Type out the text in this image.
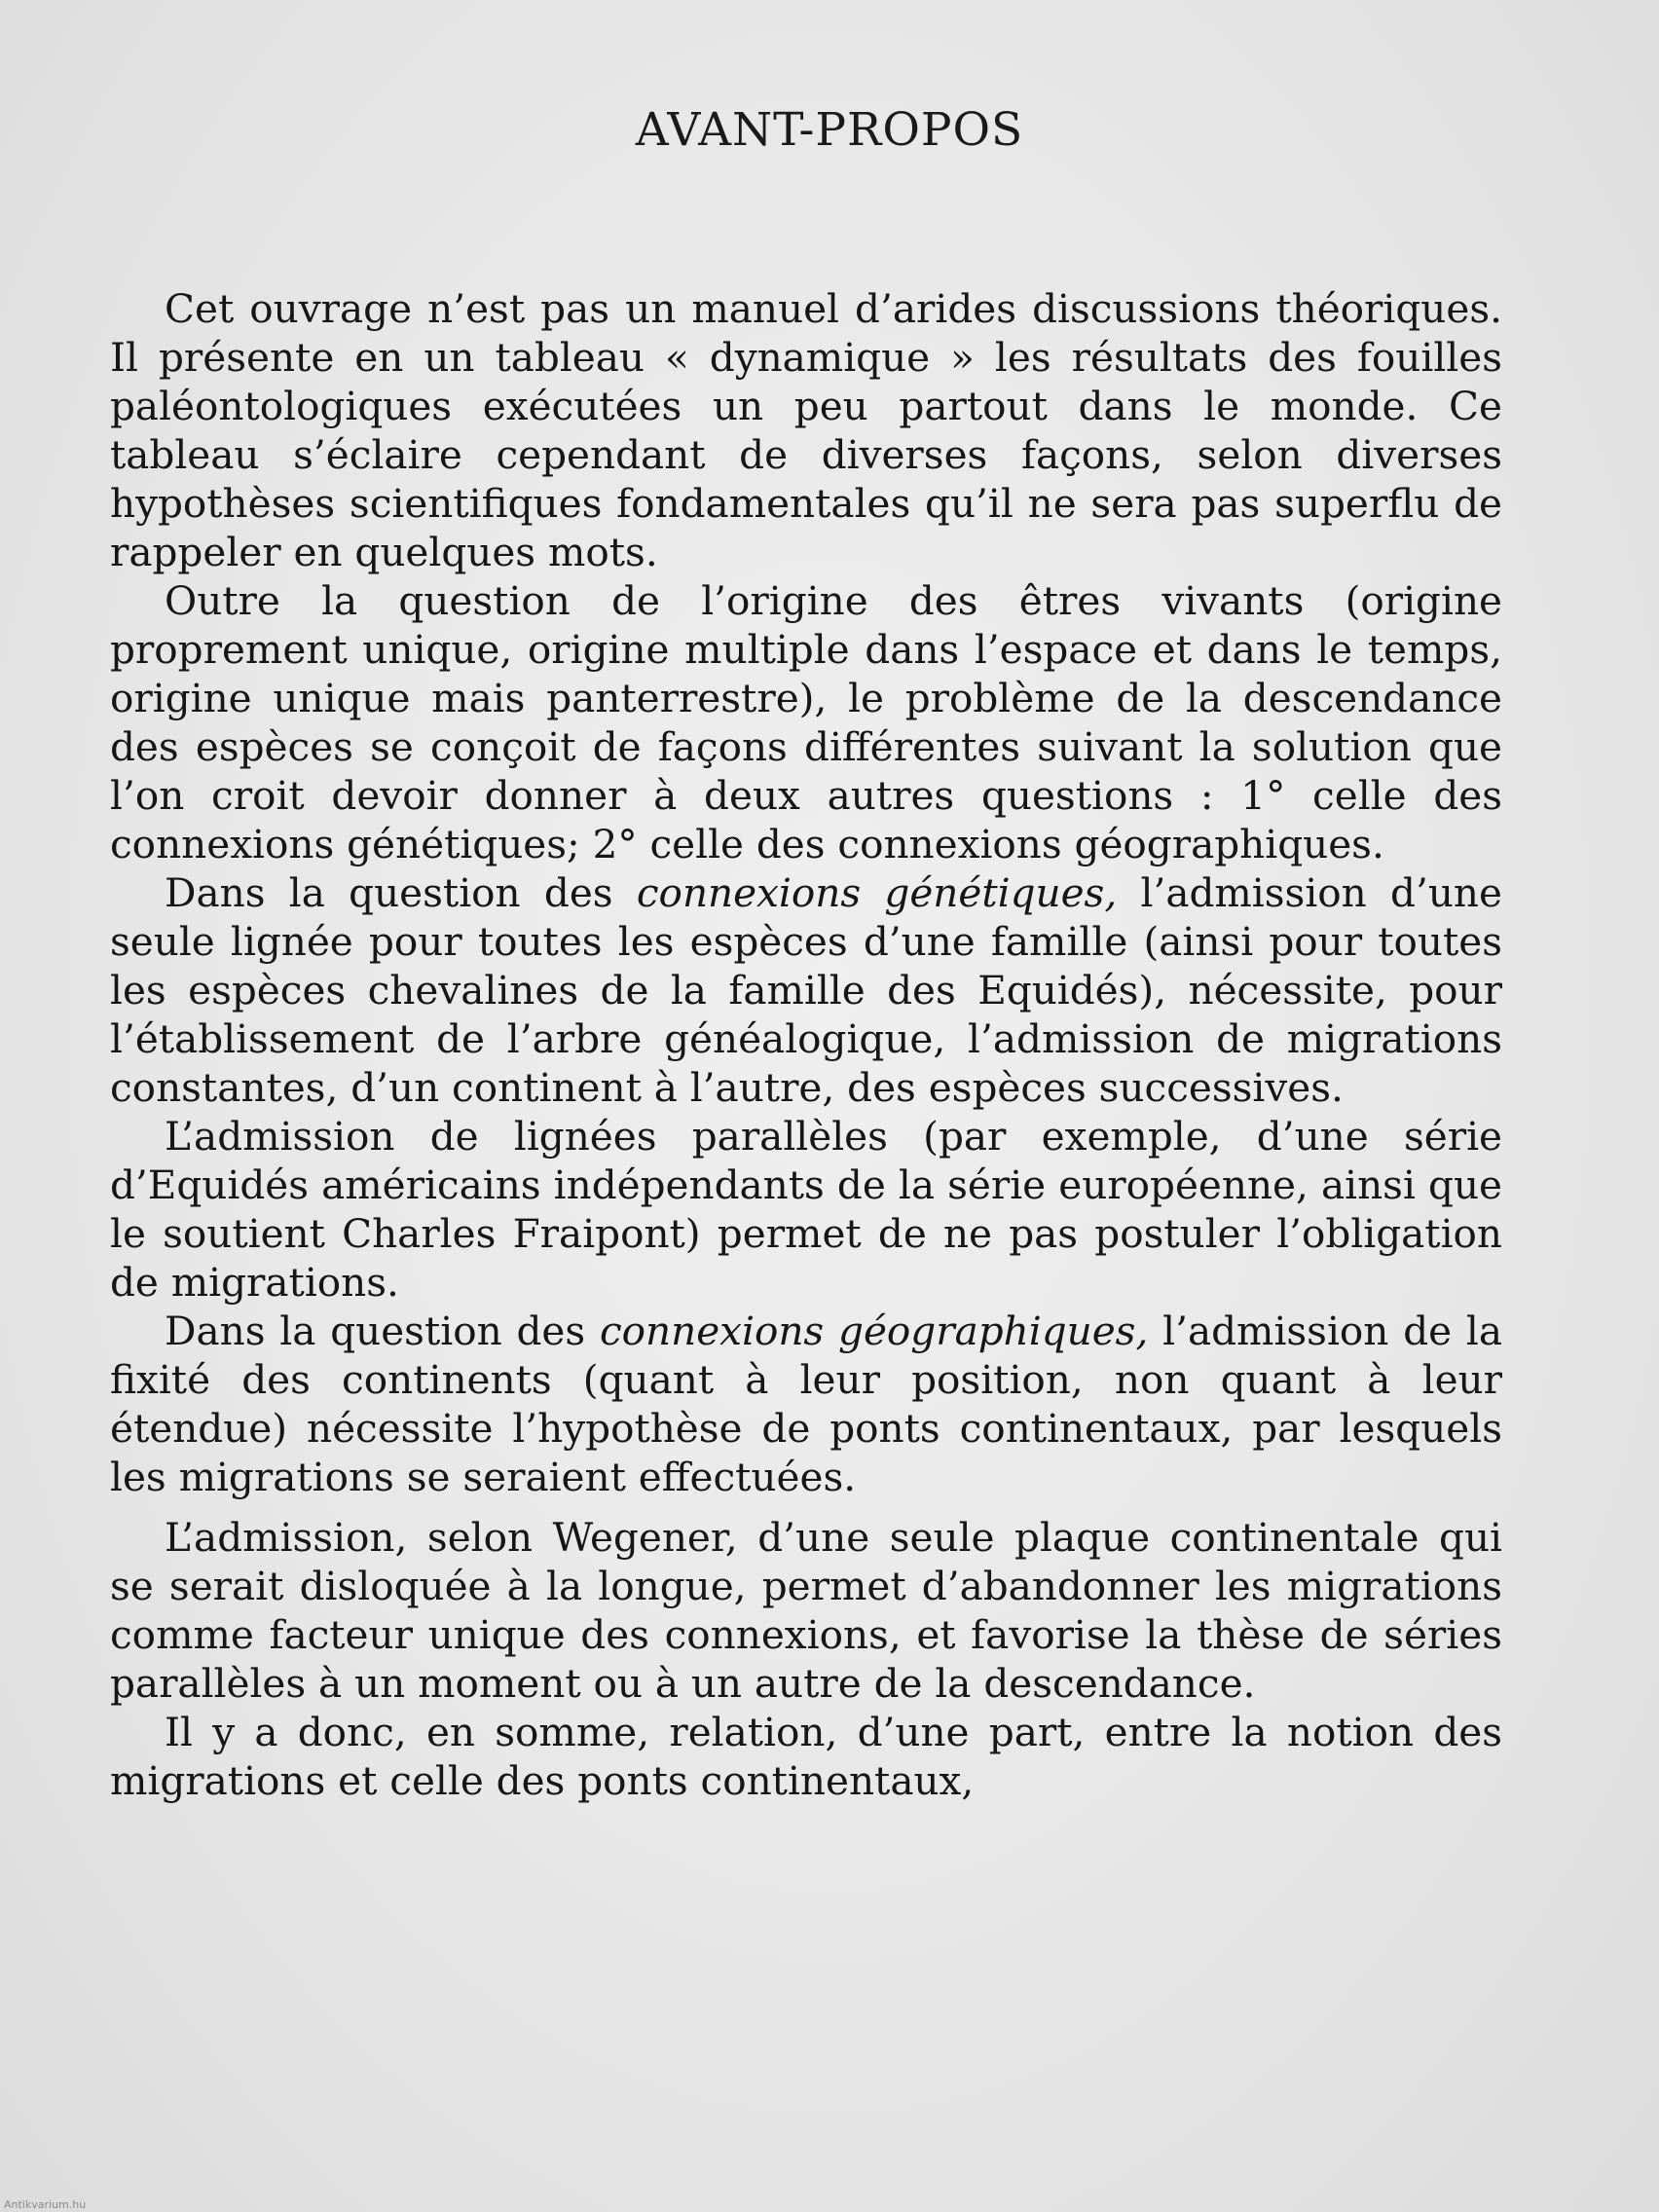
AVANT-PROPOS

Cet ouvrage n’est pas un manuel d’arides discussions théoriques. Il présente en un tableau « dynamique » les résultats des fouilles paléontologiques exécutées un peu partout dans le monde. Ce tableau s’éclaire cependant de diverses façons, selon diverses hypothèses scientifiques fondamentales qu’il ne sera pas superflu de rappeler en quelques mots.

Outre la question de l’origine des êtres vivants (origine proprement unique, origine multiple dans l’espace et dans le temps, origine unique mais panterrestre), le problème de la descendance des espèces se conçoit de façons différentes suivant la solution que l’on croit devoir donner à deux autres questions : 1° celle des connexions génétiques; 2° celle des connexions géographiques.

Dans la question des connexions génétiques, l’admission d’une seule lignée pour toutes les espèces d’une famille (ainsi pour toutes les espèces chevalines de la famille des Equidés), nécessite, pour l’établissement de l’arbre généalogique, l’admission de migrations constantes, d’un continent à l’autre, des espèces successives.

L’admission de lignées parallèles (par exemple, d’une série d’Equidés américains indépendants de la série européenne, ainsi que le soutient Charles Fraipont) permet de ne pas postuler l’obligation de migrations.

Dans la question des connexions géographiques, l’admission de la fixité des continents (quant à leur position, non quant à leur étendue) nécessite l’hypothèse de ponts continentaux, par lesquels les migrations se seraient effectuées.

L’admission, selon Wegener, d’une seule plaque continentale qui se serait disloquée à la longue, permet d’abandonner les migrations comme facteur unique des connexions, et favorise la thèse de séries parallèles à un moment ou à un autre de la descendance.

Il y a donc, en somme, relation, d’une part, entre la notion des migrations et celle des ponts continentaux,

Antikvarium.hu
